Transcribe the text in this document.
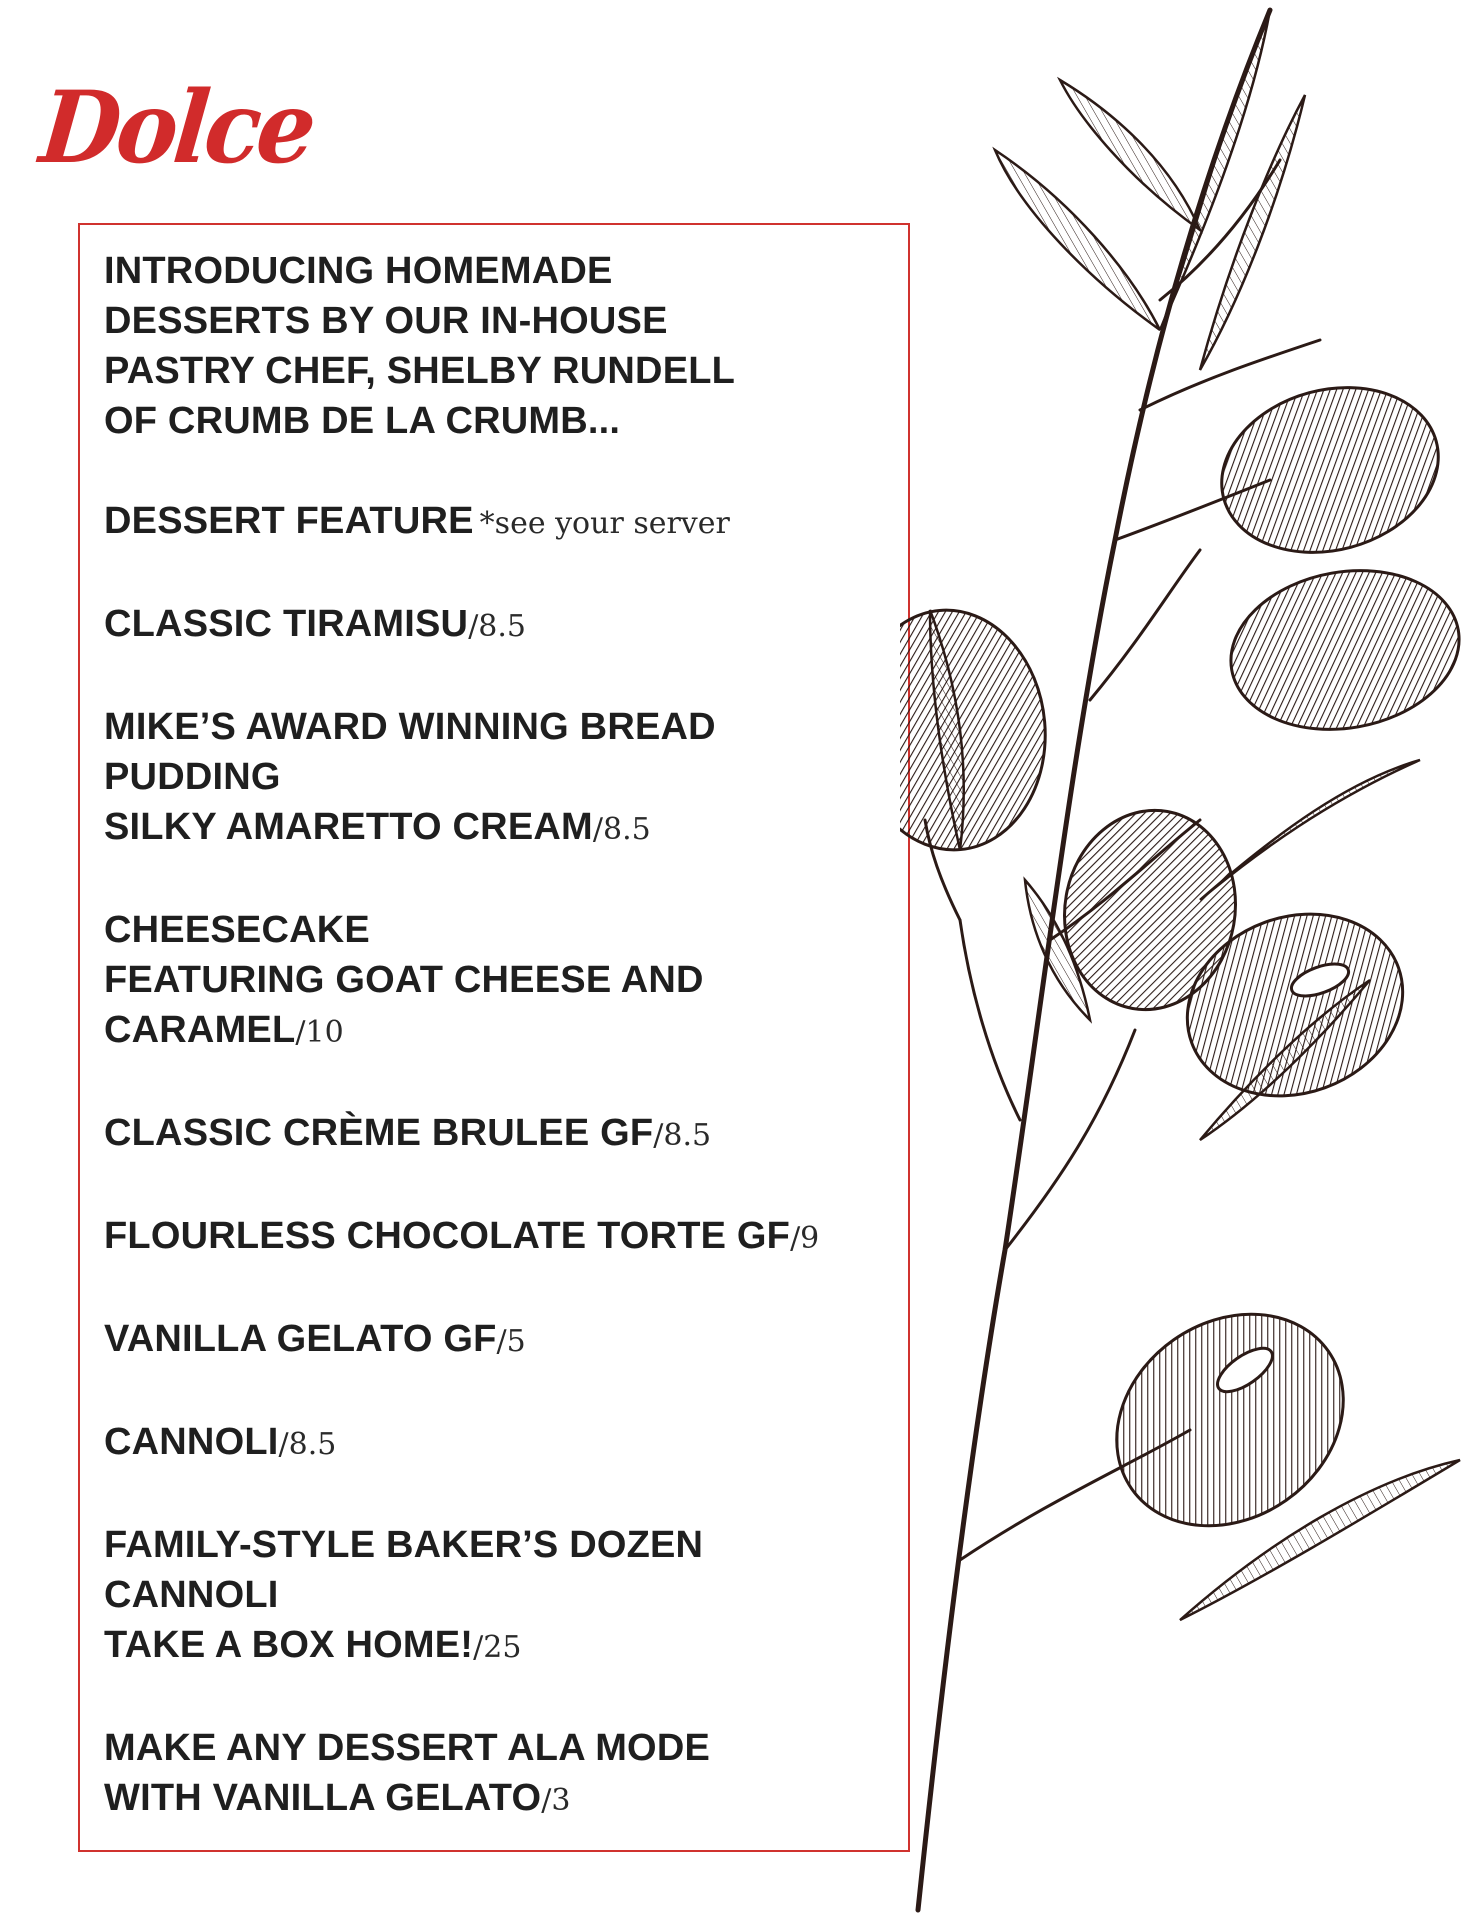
Dolce
INTRODUCING HOMEMADE
DESSERTS BY OUR IN-HOUSE
PASTRY CHEF, SHELBY RUNDELL
OF CRUMB DE LA CRUMB...
DESSERT FEATURE *see your server
CLASSIC TIRAMISU/8.5
MIKE’S AWARD WINNING BREAD
PUDDING
SILKY AMARETTO CREAM/8.5
CHEESECAKE
FEATURING GOAT CHEESE AND
CARAMEL/10
CLASSIC CRÈME BRULEE GF/8.5
FLOURLESS CHOCOLATE TORTE GF/9
VANILLA GELATO GF/5
CANNOLI/8.5
FAMILY-STYLE BAKER’S DOZEN
CANNOLI
TAKE A BOX HOME!/25
MAKE ANY DESSERT ALA MODE
WITH VANILLA GELATO/3
